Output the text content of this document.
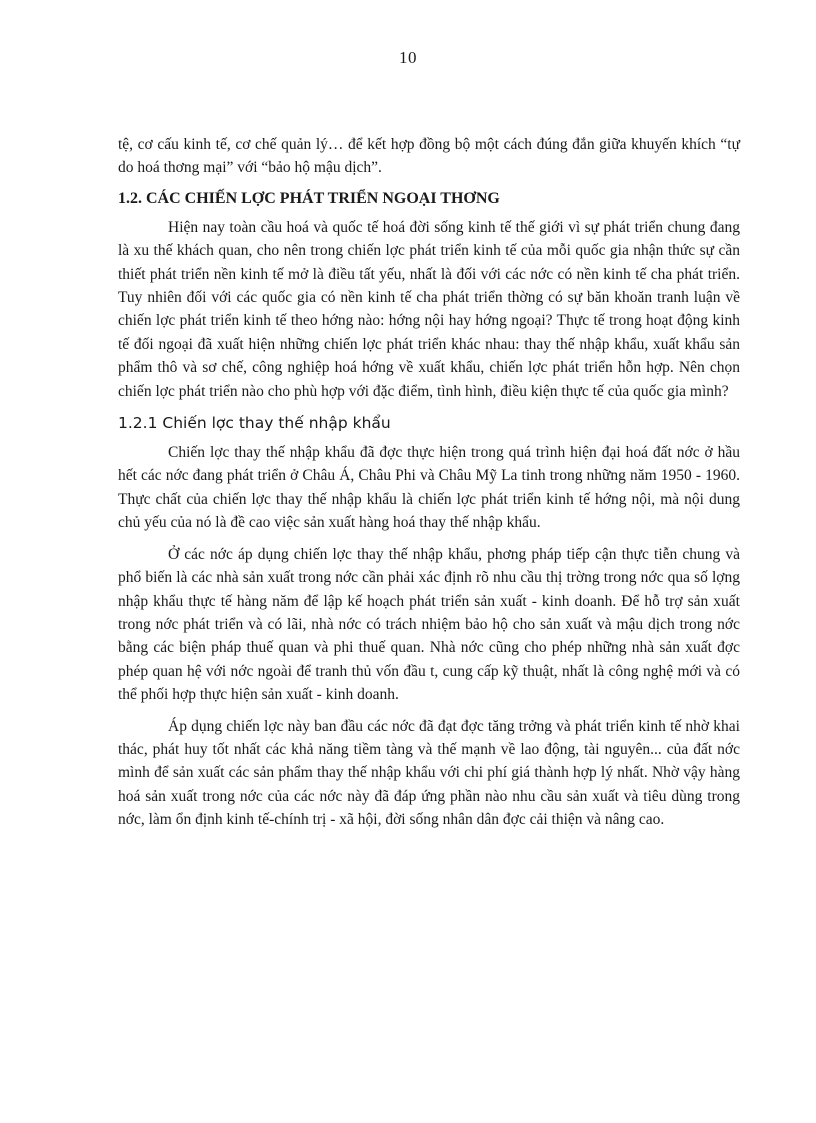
10

tệ, cơ cấu kinh tế, cơ chế quản lý… để kết hợp đồng bộ một cách đúng đắn giữa khuyến khích “tự do hoá thơng mại” với “bảo hộ mậu dịch”.

1.2. CÁC CHIẾN LỢC PHÁT TRIỂN NGOẠI THƠNG

Hiện nay toàn cầu hoá và quốc tế hoá đời sống kinh tế thế giới vì sự phát triển chung đang là xu thế khách quan, cho nên trong chiến lợc phát triển kinh tế của mỗi quốc gia nhận thức sự cần thiết phát triển nền kinh tế mở là điều tất yếu, nhất là đối với các nớc có nền kinh tế cha phát triển. Tuy nhiên đối với các quốc gia có nền kinh tế cha phát triển thờng có sự băn khoăn tranh luận về chiến lợc phát triển kinh tế theo hớng nào: hớng nội hay hớng ngoại? Thực tế trong hoạt động kinh tế đối ngoại đã xuất hiện những chiến lợc phát triển khác nhau: thay thế nhập khẩu, xuất khẩu sản phẩm thô và sơ chế, công nghiệp hoá hớng về xuất khẩu, chiến lợc phát triển hỗn hợp. Nên chọn chiến lợc phát triển nào cho phù hợp với đặc điểm, tình hình, điều kiện thực tế của quốc gia mình?

1.2.1 Chiến lợc thay thế nhập khẩu

Chiến lợc thay thế nhập khẩu đã đợc thực hiện trong quá trình hiện đại hoá đất nớc ở hầu hết các nớc đang phát triển ở Châu Á, Châu Phi và Châu Mỹ La tinh trong những năm 1950 - 1960. Thực chất của chiến lợc thay thế nhập khẩu là chiến lợc phát triển kinh tế hớng nội, mà nội dung chủ yếu của nó là đề cao việc sản xuất hàng hoá thay thế nhập khẩu.

Ở các nớc áp dụng chiến lợc thay thế nhập khẩu, phơng pháp tiếp cận thực tiễn chung và phổ biến là các nhà sản xuất trong nớc cần phải xác định rõ nhu cầu thị trờng trong nớc qua số lợng nhập khẩu thực tế hàng năm để lập kế hoạch phát triển sản xuất - kinh doanh. Để hỗ trợ sản xuất trong nớc phát triển và có lãi, nhà nớc có trách nhiệm bảo hộ cho sản xuất và mậu dịch trong nớc bằng các biện pháp thuế quan và phi thuế quan. Nhà nớc cũng cho phép những nhà sản xuất đợc phép quan hệ với nớc ngoài để tranh thủ vốn đầu t, cung cấp kỹ thuật, nhất là công nghệ mới và có thể phối hợp thực hiện sản xuất - kinh doanh.

Áp dụng chiến lợc này ban đầu các nớc đã đạt đợc tăng trởng và phát triển kinh tế nhờ khai thác, phát huy tốt nhất các khả năng tiềm tàng và thế mạnh về lao động, tài nguyên... của đất nớc mình để sản xuất các sản phẩm thay thế nhập khẩu với chi phí giá thành hợp lý nhất. Nhờ vậy hàng hoá sản xuất trong nớc của các nớc này đã đáp ứng phần nào nhu cầu sản xuất và tiêu dùng trong nớc, làm ổn định kinh tế-chính trị - xã hội, đời sống nhân dân đợc cải thiện và nâng cao.
